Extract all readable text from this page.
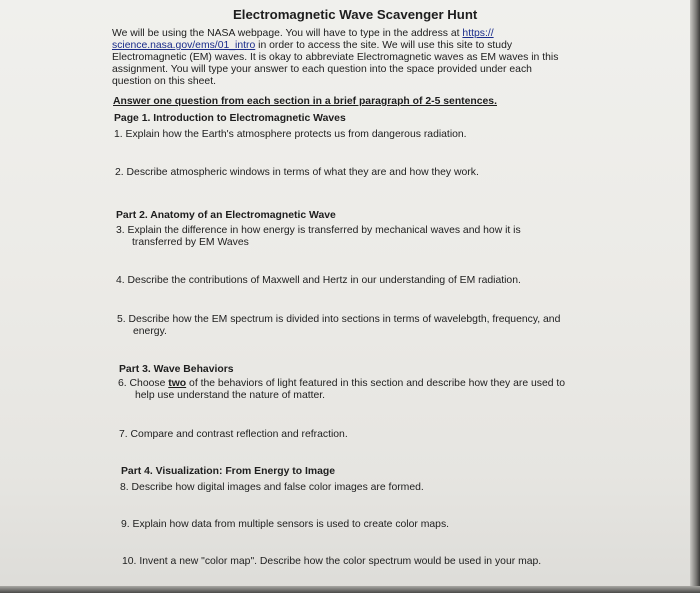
Electromagnetic Wave Scavenger Hunt
We will be using the NASA webpage. You will have to type in the address at https://
science.nasa.gov/ems/01_intro in order to access the site. We will use this site to study
Electromagnetic (EM) waves. It is okay to abbreviate Electromagnetic waves as EM waves in this
assignment. You will type your answer to each question into the space provided under each
question on this sheet.
Answer one question from each section in a brief paragraph of 2-5 sentences.
Page 1. Introduction to Electromagnetic Waves
1. Explain how the Earth's atmosphere protects us from dangerous radiation.
2. Describe atmospheric windows in terms of what they are and how they work.
Part 2. Anatomy of an Electromagnetic Wave
3. Explain the difference in how energy is transferred by mechanical waves and how it is
transferred by EM Waves
4. Describe the contributions of Maxwell and Hertz in our understanding of EM radiation.
5. Describe how the EM spectrum is divided into sections in terms of wavelebgth, frequency, and
energy.
Part 3. Wave Behaviors
6. Choose two of the behaviors of light featured in this section and describe how they are used to
help use understand the nature of matter.
7. Compare and contrast reflection and refraction.
Part 4. Visualization: From Energy to Image
8. Describe how digital images and false color images are formed.
9. Explain how data from multiple sensors is used to create color maps.
10. Invent a new "color map". Describe how the color spectrum would be used in your map.
